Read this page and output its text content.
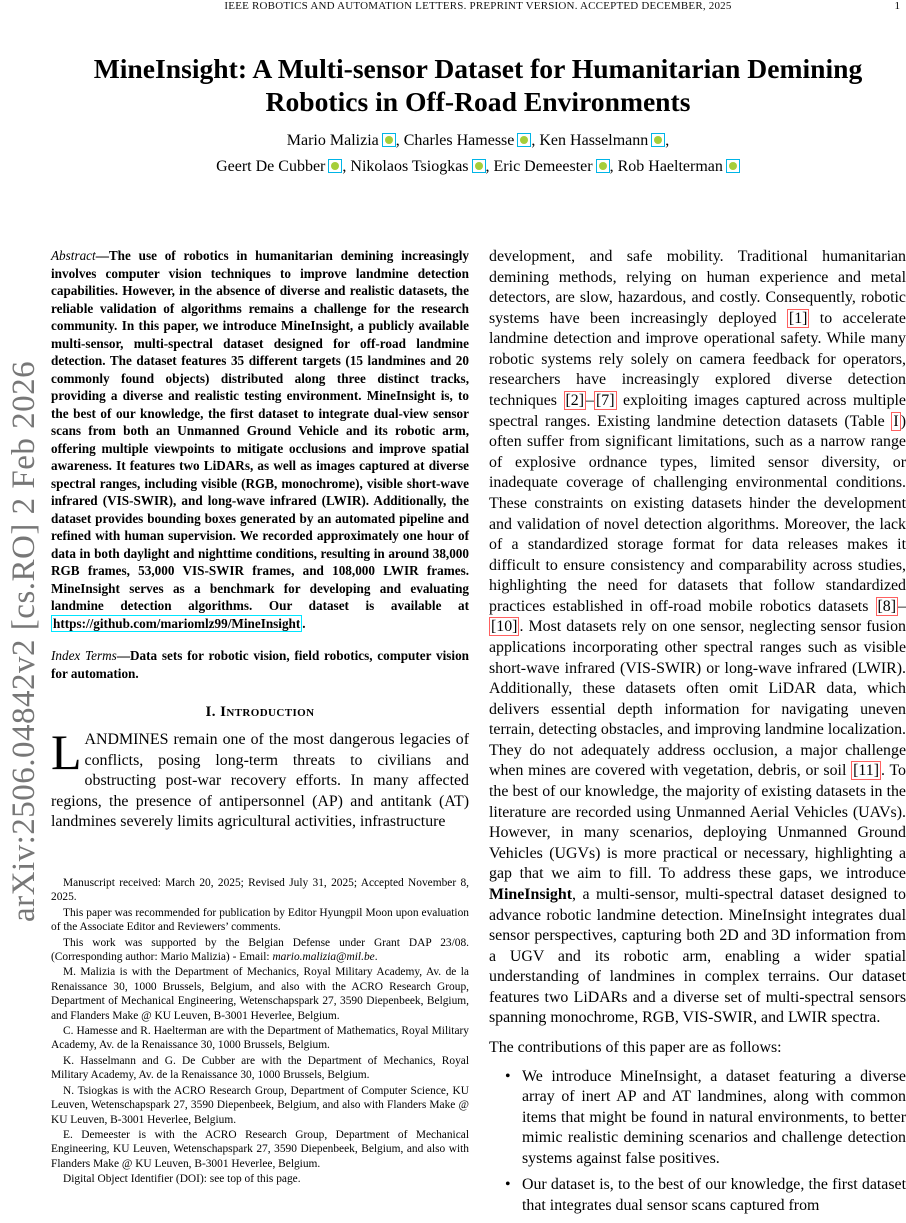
IEEE ROBOTICS AND AUTOMATION LETTERS. PREPRINT VERSION. ACCEPTED DECEMBER, 2025	1
arXiv:2506.04842v2 [cs.RO] 2 Feb 2026
MineInsight: A Multi-sensor Dataset for Humanitarian Demining Robotics in Off-Road Environments
Mario Malizia , Charles Hamesse , Ken Hasselmann ,
Geert De Cubber , Nikolaos Tsiogkas , Eric Demeester , Rob Haelterman

Abstract—The use of robotics in humanitarian demining increasingly involves computer vision techniques to improve landmine detection capabilities. However, in the absence of diverse and realistic datasets, the reliable validation of algorithms remains a challenge for the research community. In this paper, we introduce MineInsight, a publicly available multi-sensor, multi-spectral dataset designed for off-road landmine detection. The dataset features 35 different targets (15 landmines and 20 commonly found objects) distributed along three distinct tracks, providing a diverse and realistic testing environment. MineInsight is, to the best of our knowledge, the first dataset to integrate dual-view sensor scans from both an Unmanned Ground Vehicle and its robotic arm, offering multiple viewpoints to mitigate occlusions and improve spatial awareness. It features two LiDARs, as well as images captured at diverse spectral ranges, including visible (RGB, monochrome), visible short-wave infrared (VIS-SWIR), and long-wave infrared (LWIR). Additionally, the dataset provides bounding boxes generated by an automated pipeline and refined with human supervision. We recorded approximately one hour of data in both daylight and nighttime conditions, resulting in around 38,000 RGB frames, 53,000 VIS-SWIR frames, and 108,000 LWIR frames. MineInsight serves as a benchmark for developing and evaluating landmine detection algorithms. Our dataset is available at https://github.com/mariomlz99/MineInsight .

Index Terms—Data sets for robotic vision, field robotics, computer vision for automation.

I. Introduction

LANDMINES remain one of the most dangerous legacies of conflicts, posing long-term threats to civilians and obstructing post-war recovery efforts. In many affected regions, the presence of antipersonnel (AP) and antitank (AT) landmines severely limits agricultural activities, infrastructure

Manuscript received: March 20, 2025; Revised July 31, 2025; Accepted November 8, 2025.

This paper was recommended for publication by Editor Hyungpil Moon upon evaluation of the Associate Editor and Reviewers’ comments.

This work was supported by the Belgian Defense under Grant DAP 23/08. (Corresponding author: Mario Malizia) - Email: mario.malizia@mil.be.

M. Malizia is with the Department of Mechanics, Royal Military Academy, Av. de la Renaissance 30, 1000 Brussels, Belgium, and also with the ACRO Research Group, Department of Mechanical Engineering, Wetenschapspark 27, 3590 Diepenbeek, Belgium, and Flanders Make @ KU Leuven, B-3001 Heverlee, Belgium.

C. Hamesse and R. Haelterman are with the Department of Mathematics, Royal Military Academy, Av. de la Renaissance 30, 1000 Brussels, Belgium.

K. Hasselmann and G. De Cubber are with the Department of Mechanics, Royal Military Academy, Av. de la Renaissance 30, 1000 Brussels, Belgium.

N. Tsiogkas is with the ACRO Research Group, Department of Computer Science, KU Leuven, Wetenschapspark 27, 3590 Diepenbeek, Belgium, and also with Flanders Make @ KU Leuven, B-3001 Heverlee, Belgium.

E. Demeester is with the ACRO Research Group, Department of Mechanical Engineering, KU Leuven, Wetenschapspark 27, 3590 Diepenbeek, Belgium, and also with Flanders Make @ KU Leuven, B-3001 Heverlee, Belgium.

Digital Object Identifier (DOI): see top of this page.

development, and safe mobility. Traditional humanitarian demining methods, relying on human experience and metal detectors, are slow, hazardous, and costly. Consequently, robotic systems have been increasingly deployed [1] to accelerate landmine detection and improve operational safety. While many robotic systems rely solely on camera feedback for operators, researchers have increasingly explored diverse detection techniques [2] – [7] exploiting images captured across multiple spectral ranges. Existing landmine detection datasets (Table I ) often suffer from significant limitations, such as a narrow range of explosive ordnance types, limited sensor diversity, or inadequate coverage of challenging environmental conditions. These constraints on existing datasets hinder the development and validation of novel detection algorithms. Moreover, the lack of a standardized storage format for data releases makes it difficult to ensure consistency and comparability across studies, highlighting the need for datasets that follow standardized practices established in off-road mobile robotics datasets [8] –[10] . Most datasets rely on one sensor, neglecting sensor fusion applications incorporating other spectral ranges such as visible short-wave infrared (VIS-SWIR) or long-wave infrared (LWIR). Additionally, these datasets often omit LiDAR data, which delivers essential depth information for navigating uneven terrain, detecting obstacles, and improving landmine localization. They do not adequately address occlusion, a major challenge when mines are covered with vegetation, debris, or soil [11] . To the best of our knowledge, the majority of existing datasets in the literature are recorded using Unmanned Aerial Vehicles (UAVs). However, in many scenarios, deploying Unmanned Ground Vehicles (UGVs) is more practical or necessary, highlighting a gap that we aim to fill. To address these gaps, we introduce MineInsight, a multi-sensor, multi-spectral dataset designed to advance robotic landmine detection. MineInsight integrates dual sensor perspectives, capturing both 2D and 3D information from a UGV and its robotic arm, enabling a wider spatial understanding of landmines in complex terrains. Our dataset features two LiDARs and a diverse set of multi-spectral sensors spanning monochrome, RGB, VIS-SWIR, and LWIR spectra.

The contributions of this paper are as follows:

• We introduce MineInsight, a dataset featuring a diverse array of inert AP and AT landmines, along with common items that might be found in natural environments, to better mimic realistic demining scenarios and challenge detection systems against false positives.
• Our dataset is, to the best of our knowledge, the first dataset that integrates dual sensor scans captured from
